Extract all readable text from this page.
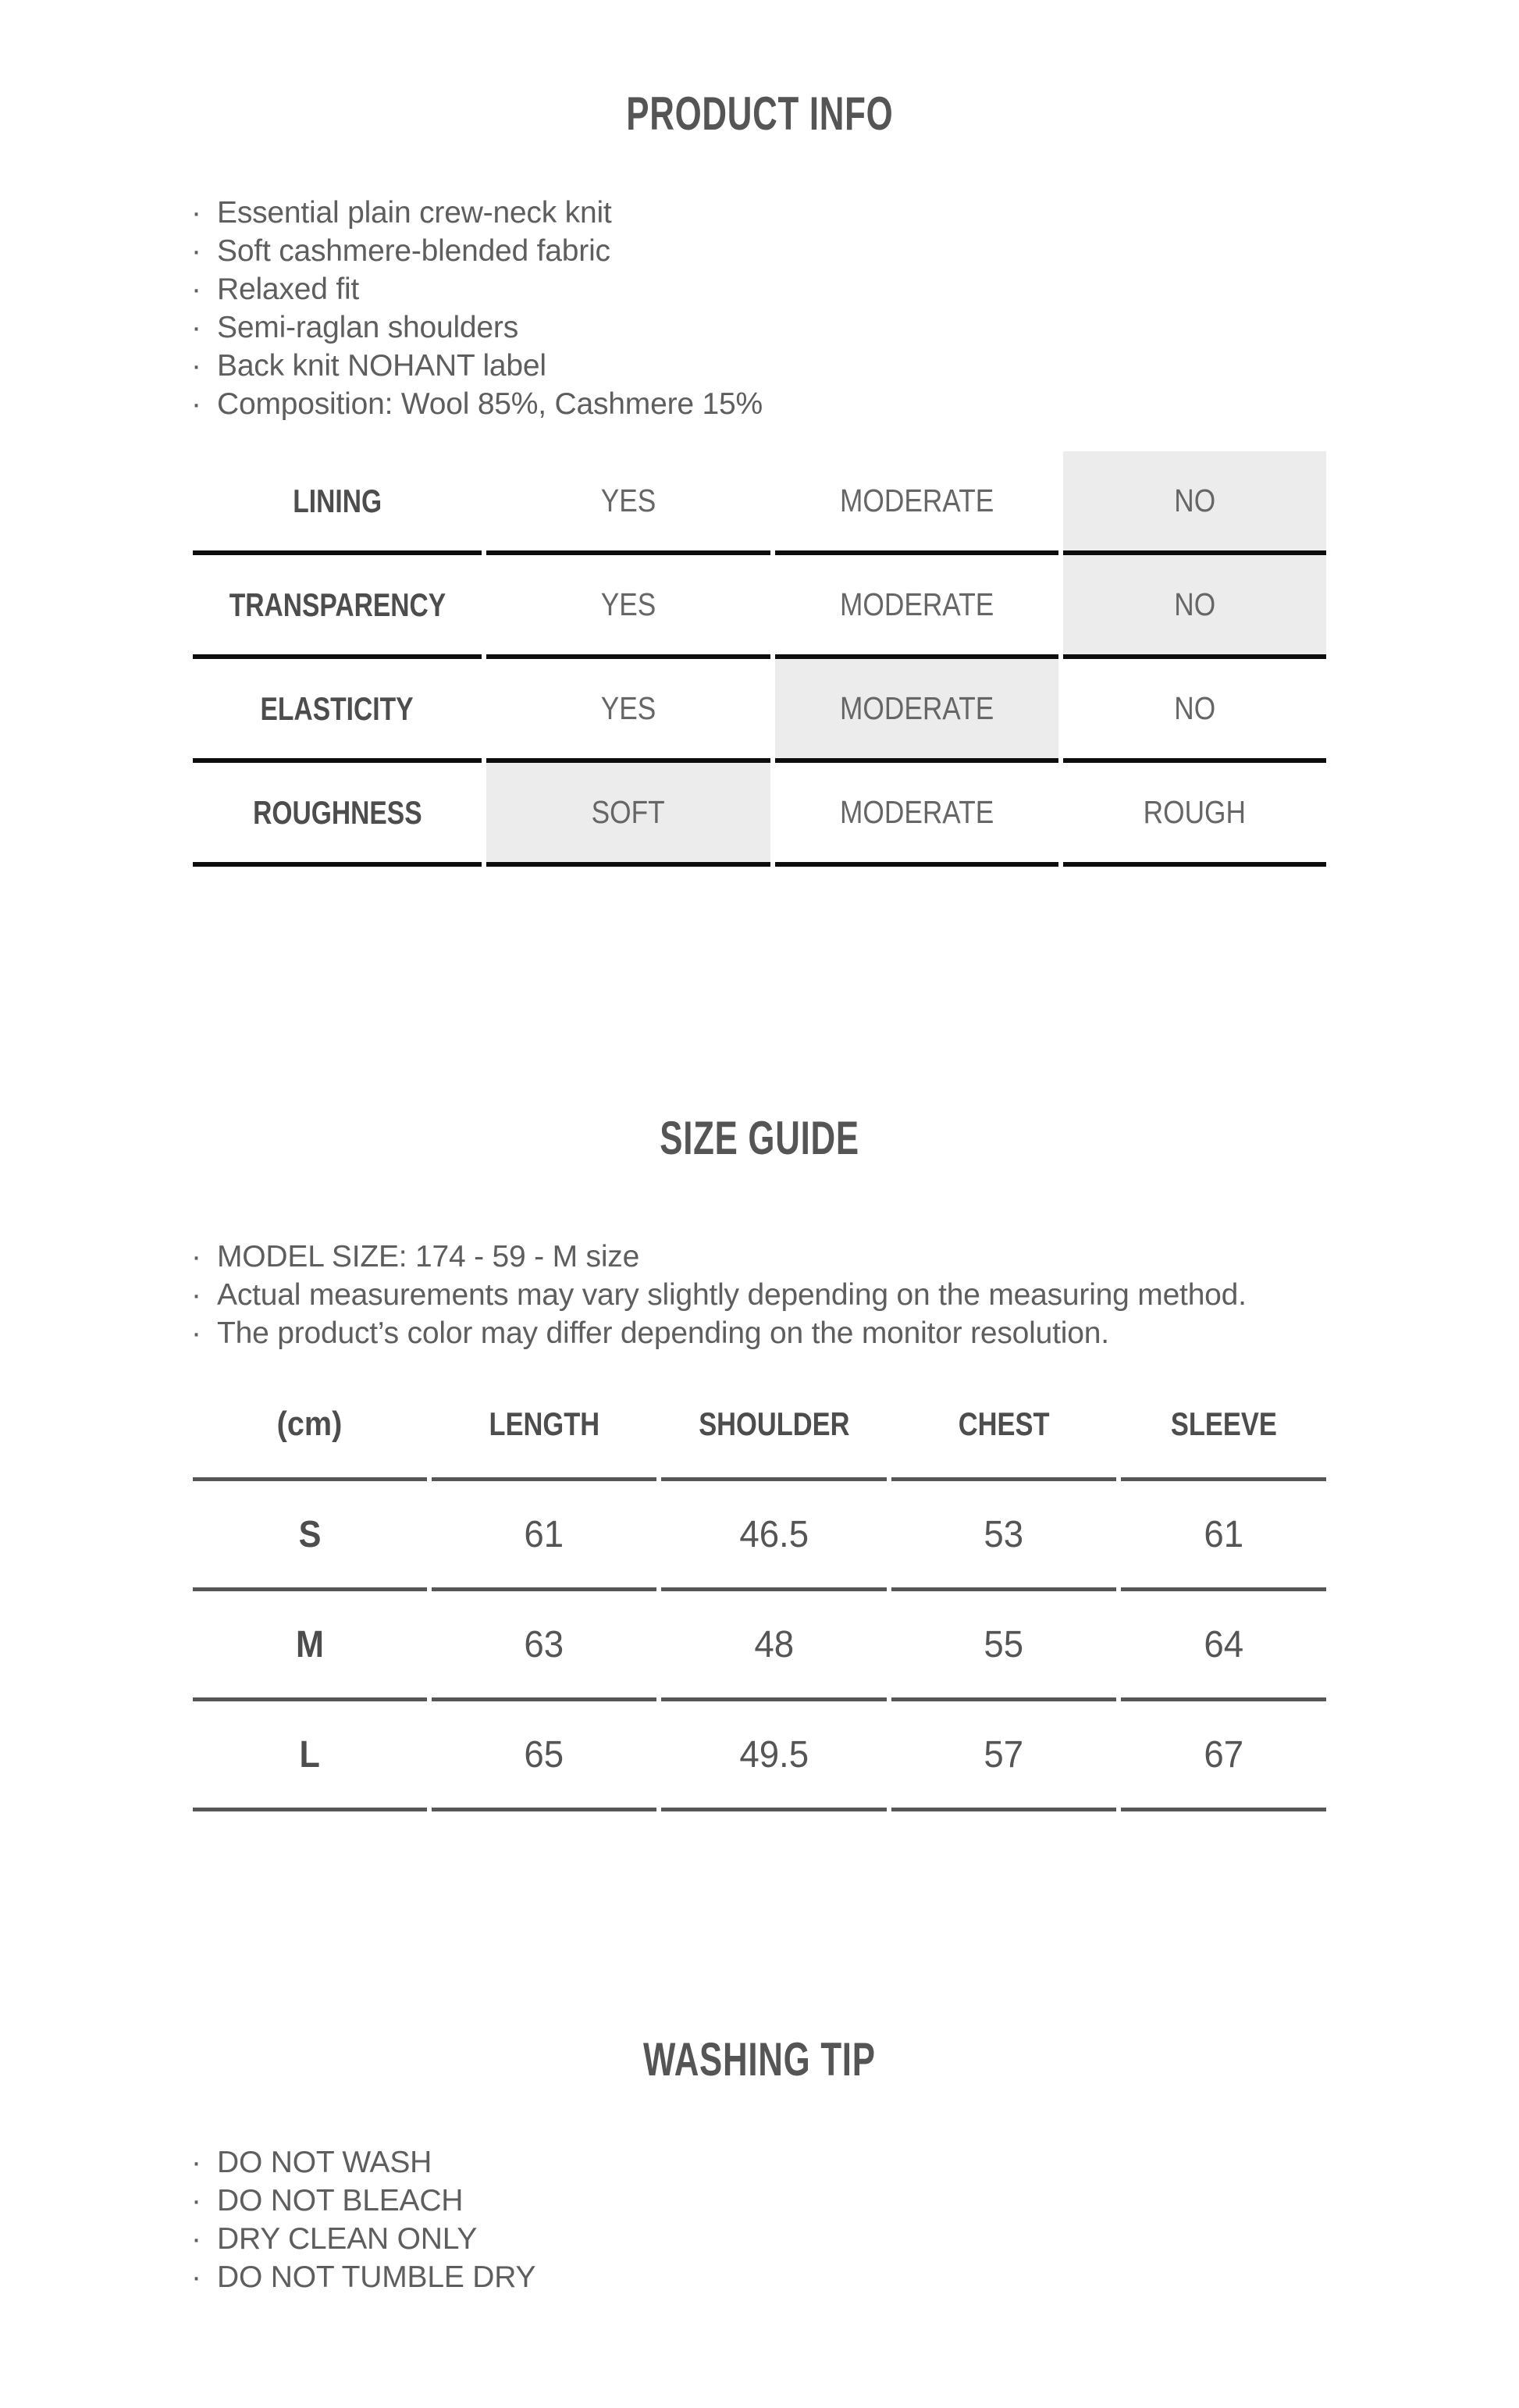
PRODUCT INFO
· Essential plain crew-neck knit
· Soft cashmere-blended fabric
· Relaxed fit
· Semi-raglan shoulders
· Back knit NOHANT label
· Composition: Wool 85%, Cashmere 15%
LINING	YES	MODERATE	NO
TRANSPARENCY	YES	MODERATE	NO
ELASTICITY	YES	MODERATE	NO
ROUGHNESS	SOFT	MODERATE	ROUGH
SIZE GUIDE
· MODEL SIZE: 174 - 59 - M size
· Actual measurements may vary slightly depending on the measuring method.
· The product’s color may differ depending on the monitor resolution.
(cm)	LENGTH	SHOULDER	CHEST	SLEEVE
S	61	46.5	53	61
M	63	48	55	64
L	65	49.5	57	67
WASHING TIP
· DO NOT WASH
· DO NOT BLEACH
· DRY CLEAN ONLY
· DO NOT TUMBLE DRY
